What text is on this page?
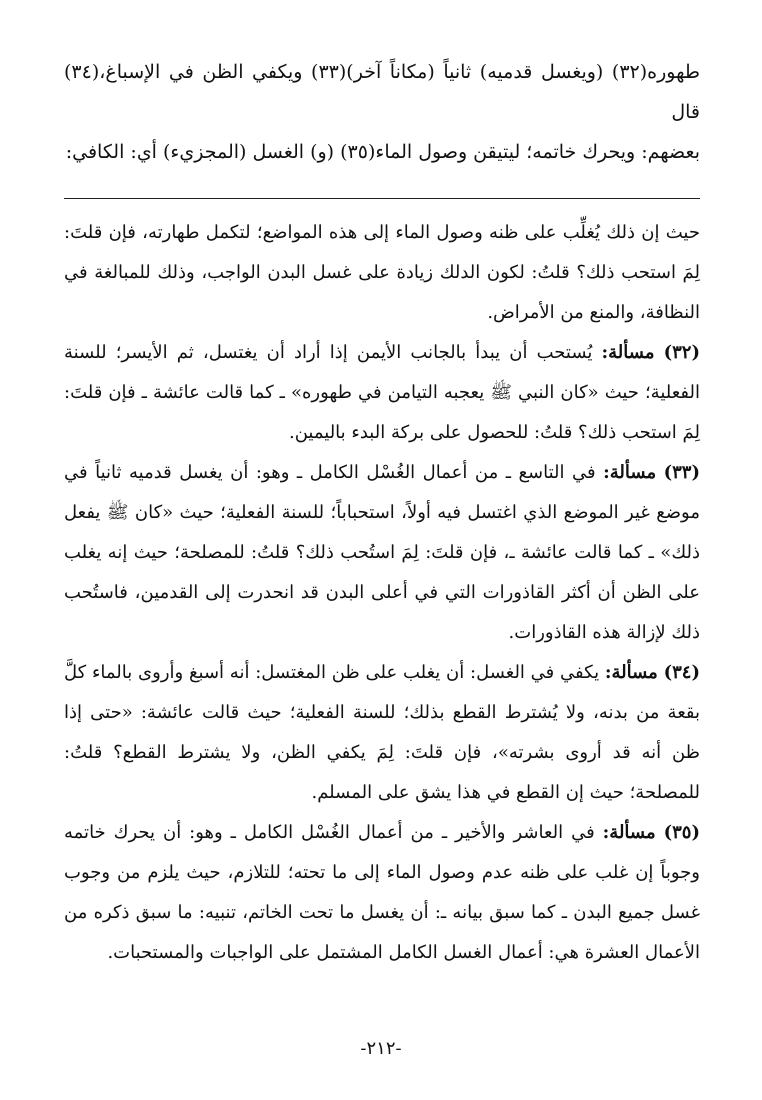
طهوره(٣٢) (ويغسل قدميه) ثانياً (مكاناً آخر)(٣٣) ويكفي الظن في الإسباغ،(٣٤) قال

بعضهم: ويحرك خاتمه؛ ليتيقن وصول الماء(٣٥) (و) الغسل (المجزيء) أي: الكافي:

حيث إن ذلك يُغلِّب على ظنه وصول الماء إلى هذه المواضع؛ لتكمل طهارته، فإن قلتَ: لِمَ استحب ذلك؟ قلتُ: لكون الدلك زيادة على غسل البدن الواجب، وذلك للمبالغة في النظافة، والمنع من الأمراض.

(٣٢) مسألة: يُستحب أن يبدأ بالجانب الأيمن إذا أراد أن يغتسل، ثم الأيسر؛ للسنة الفعلية؛ حيث «كان النبي ﷺ يعجبه التيامن في طهوره» ـ كما قالت عائشة ـ فإن قلتَ: لِمَ استحب ذلك؟ قلتُ: للحصول على بركة البدء باليمين.

(٣٣) مسألة: في التاسع ـ من أعمال الغُسْل الكامل ـ وهو: أن يغسل قدميه ثانياً في موضع غير الموضع الذي اغتسل فيه أولاً، استحباباً؛ للسنة الفعلية؛ حيث «كان ﷺ يفعل ذلك» ـ كما قالت عائشة ـ، فإن قلتَ: لِمَ استُحب ذلك؟ قلتُ: للمصلحة؛ حيث إنه يغلب على الظن أن أكثر القاذورات التي في أعلى البدن قد انحدرت إلى القدمين، فاستُحب ذلك لإزالة هذه القاذورات.

(٣٤) مسألة: يكفي في الغسل: أن يغلب على ظن المغتسل: أنه أسبغ وأروى بالماء كلَّ بقعة من بدنه، ولا يُشترط القطع بذلك؛ للسنة الفعلية؛ حيث قالت عائشة: «حتى إذا ظن أنه قد أروى بشرته»، فإن قلتَ: لِمَ يكفي الظن، ولا يشترط القطع؟ قلتُ: للمصلحة؛ حيث إن القطع في هذا يشق على المسلم.

(٣٥) مسألة: في العاشر والأخير ـ من أعمال الغُسْل الكامل ـ وهو: أن يحرك خاتمه وجوباً إن غلب على ظنه عدم وصول الماء إلى ما تحته؛ للتلازم، حيث يلزم من وجوب غسل جميع البدن ـ كما سبق بيانه ـ: أن يغسل ما تحت الخاتم، تنبيه: ما سبق ذكره من الأعمال العشرة هي: أعمال الغسل الكامل المشتمل على الواجبات والمستحبات.

-٢١٢-
